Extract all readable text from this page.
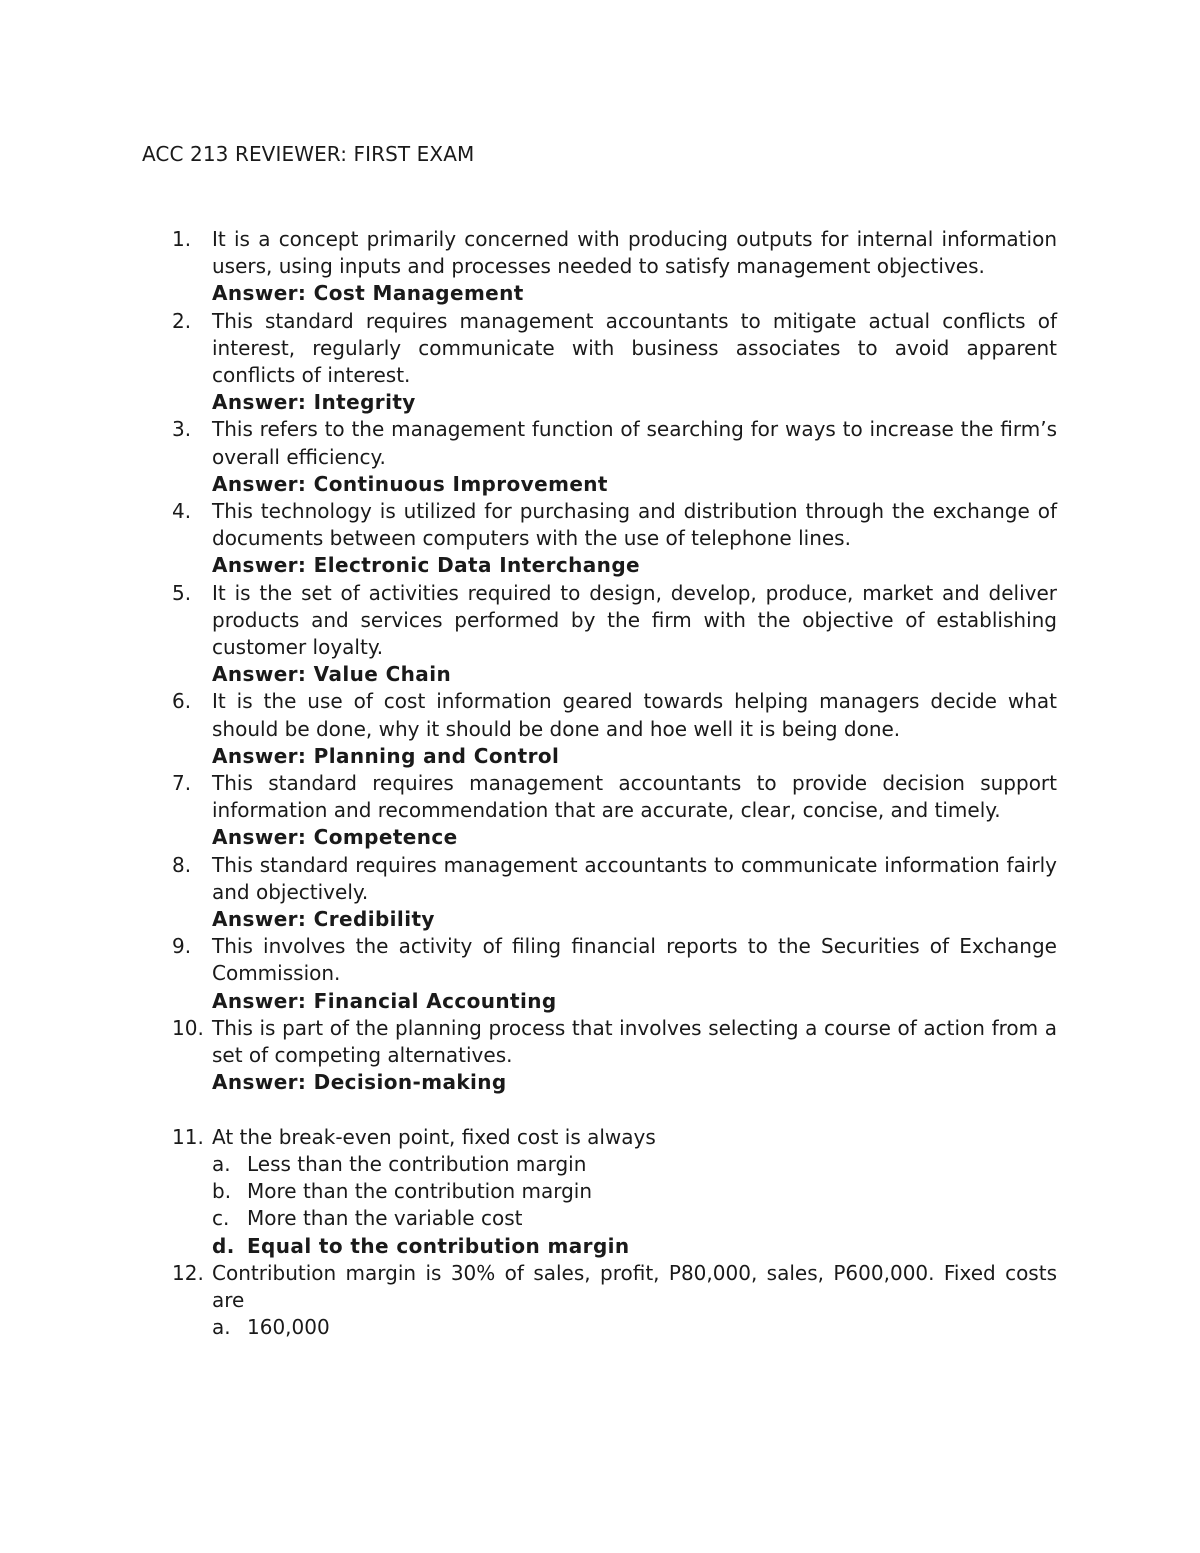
ACC 213 REVIEWER: FIRST EXAM
1. It is a concept primarily concerned with producing outputs for internal information users, using inputs and processes needed to satisfy management objectives.
Answer: Cost Management
2. This standard requires management accountants to mitigate actual conflicts of interest, regularly communicate with business associates to avoid apparent conflicts of interest.
Answer: Integrity
3. This refers to the management function of searching for ways to increase the firm’s overall efficiency.
Answer: Continuous Improvement
4. This technology is utilized for purchasing and distribution through the exchange of documents between computers with the use of telephone lines.
Answer: Electronic Data Interchange
5. It is the set of activities required to design, develop, produce, market and deliver products and services performed by the firm with the objective of establishing customer loyalty.
Answer: Value Chain
6. It is the use of cost information geared towards helping managers decide what should be done, why it should be done and hoe well it is being done.
Answer: Planning and Control
7. This standard requires management accountants to provide decision support information and recommendation that are accurate, clear, concise, and timely.
Answer: Competence
8. This standard requires management accountants to communicate information fairly and objectively.
Answer: Credibility
9. This involves the activity of filing financial reports to the Securities of Exchange Commission.
Answer: Financial Accounting
10. This is part of the planning process that involves selecting a course of action from a set of competing alternatives.
Answer: Decision-making
11. At the break-even point, fixed cost is always
a. Less than the contribution margin
b. More than the contribution margin
c. More than the variable cost
d. Equal to the contribution margin
12. Contribution margin is 30% of sales, profit, P80,000, sales, P600,000. Fixed costs are
a. 160,000
